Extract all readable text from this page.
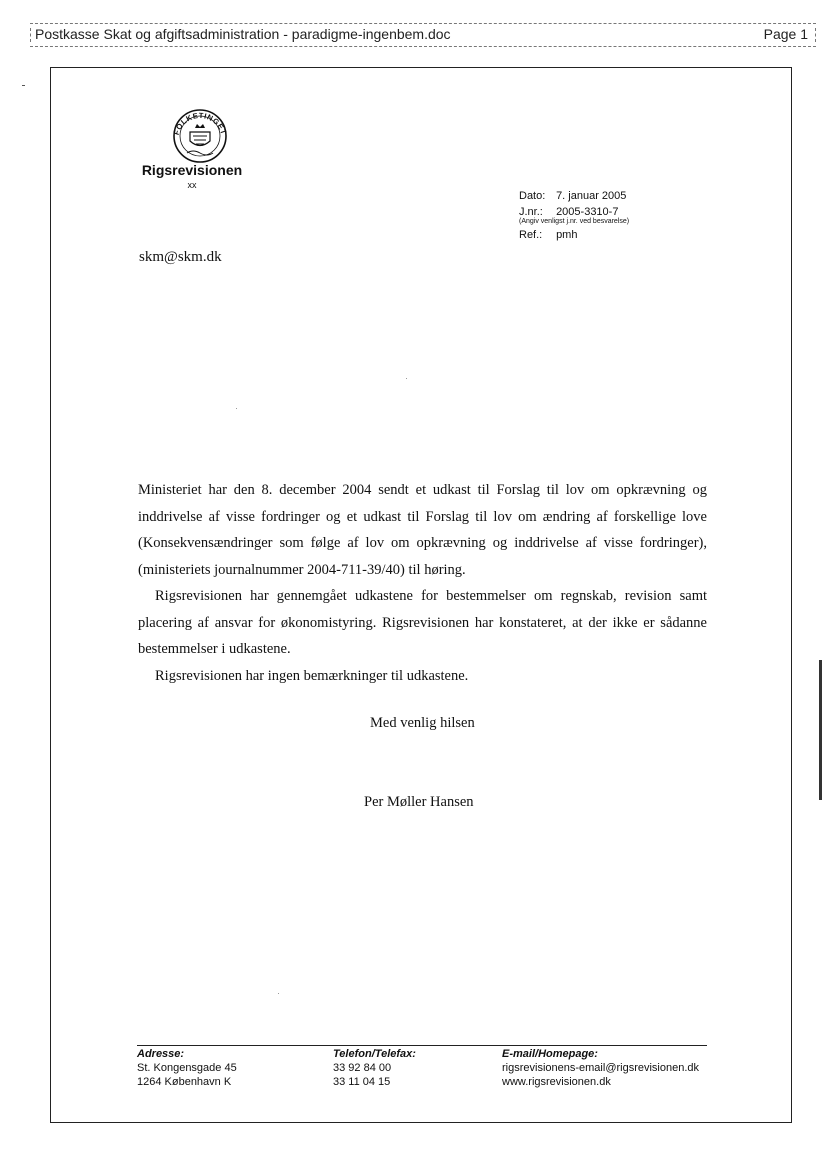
Postkasse Skat og afgiftsadministration - paradigme-ingenbem.doc	Page 1
FOLKETINGET
Rigsrevisionen
xx
Dato: 7. januar 2005
J.nr.: 2005-3310-7
(Angiv venligst j.nr. ved besvarelse)
Ref.: pmh
skm@skm.dk

Ministeriet har den 8. december 2004 sendt et udkast til Forslag til lov om opkrævning og inddrivelse af visse fordringer og et udkast til Forslag til lov om ændring af forskellige love (Konsekvensændringer som følge af lov om opkrævning og inddrivelse af visse fordringer), (ministeriets journalnummer 2004-711-39/40) til høring.

Rigsrevisionen har gennemgået udkastene for bestemmelser om regnskab, revision samt placering af ansvar for økonomistyring. Rigsrevisionen har konstateret, at der ikke er sådanne bestemmelser i udkastene.

Rigsrevisionen har ingen bemærkninger til udkastene.

Med venlig hilsen
Per Møller Hansen
Adresse:
St. Kongensgade 45
1264 København K
Telefon/Telefax:
33 92 84 00
33 11 04 15
E-mail/Homepage:
rigsrevisionens-email@rigsrevisionen.dk
www.rigsrevisionen.dk
